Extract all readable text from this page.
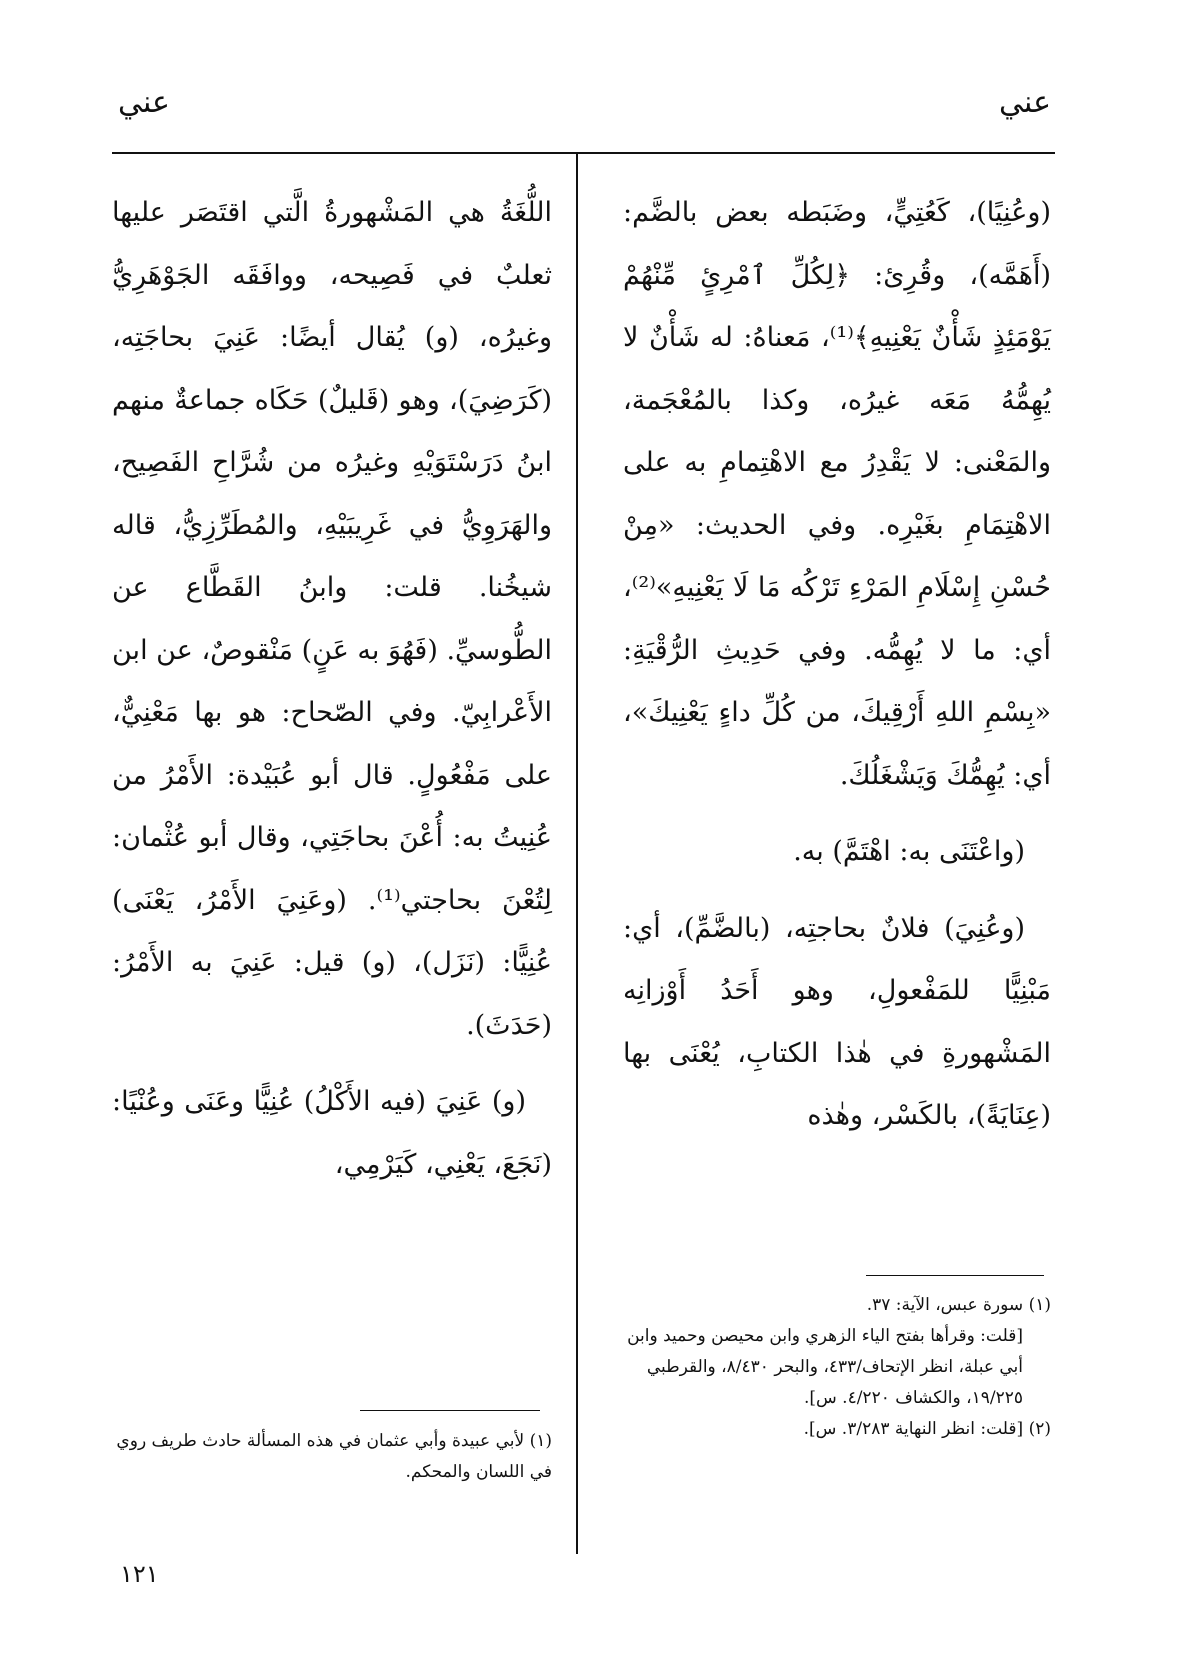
عني
عني

(وعُنِيًا)، كَعُتِيٍّ، وضَبَطه بعض بالضَّم: (أَهَمَّه)، وقُرِئ: ﴿لِكُلِّ ٱمْرِئٍ مِّنْهُمْ يَوْمَئِذٍ شَأْنٌ يَعْنِيهِ﴾⁽¹⁾، مَعناهُ: له شَأْنٌ لا يُهِمُّهُ مَعَه غيرُه، وكذا بالمُعْجَمة، والمَعْنى: لا يَقْدِرُ مع الاهْتِمامِ به على الاهْتِمَامِ بغَيْرِه. وفي الحديث: «مِنْ حُسْنِ إِسْلَامِ المَرْءِ تَرْكُه مَا لَا يَعْنِيهِ»⁽²⁾، أي: ما لا يُهِمُّه. وفي حَدِيثِ الرُّقْيَةِ: «بِسْمِ اللهِ أَرْقِيكَ، من كُلِّ داءٍ يَعْنِيكَ»، أي: يُهِمُّكَ وَيَشْغَلُكَ.

(واعْتَنَى به: اهْتَمَّ) به.

(وعُنِيَ) فلانٌ بحاجتِه، (بالضَّمِّ)، أي: مَبْنِيًّا للمَفْعولِ، وهو أَحَدُ أَوْزانِه المَشْهورةِ في هٰذا الكتابِ، يُعْنَى بها (عِنَايَةً)، بالكَسْر، وهٰذه

اللُّغَةُ هي المَشْهورةُ الَّتي اقتَصَر عليها ثعلبٌ في فَصِيحه، ووافَقَه الجَوْهَرِيُّ وغيرُه، (و) يُقال أيضًا: عَنِيَ بحاجَتِه، (كَرَضِيَ)، وهو (قَليلٌ) حَكَاه جماعةٌ منهم ابنُ دَرَسْتَوَيْهِ وغيرُه من شُرَّاحِ الفَصِيح، والهَرَوِيُّ في غَرِيبَيْهِ، والمُطَرِّزِيُّ، قاله شيخُنا. قلت: وابنُ القَطَّاع عن الطُّوسيِّ. (فَهُوَ به عَنٍ) مَنْقوصٌ، عن ابن الأَعْرابِيّ. وفي الصّحاح: هو بها مَعْنِيٌّ، على مَفْعُولٍ. قال أبو عُبَيْدة: الأَمْرُ من عُنِيتُ به: أُعْنَ بحاجَتِي، وقال أبو عُثْمان: لِتُعْنَ بحاجتي⁽¹⁾. (وعَنِيَ الأَمْرُ، يَعْنَى) عُنِيًّا: (نَزَل)، (و) قيل: عَنِيَ به الأَمْرُ: (حَدَثَ).

(و) عَنِيَ (فيه الأَكْلُ) عُنِيًّا وعَنَى وعُنْيًا: (نَجَعَ، يَعْنِي، كَيَرْمِي،

(١) سورة عبس، الآية: ٣٧.

[قلت: وقرأها بفتح الياء الزهري وابن محيصن وحميد وابن أبي عبلة، انظر الإتحاف/٤٣٣، والبحر ٨/٤٣٠، والقرطبي ١٩/٢٢٥، والكشاف ٤/٢٢٠. س].

(٢) [قلت: انظر النهاية ٣/٢٨٣. س].

(١) لأبي عبيدة وأبي عثمان في هذه المسألة حادث طريف روي في اللسان والمحكم.

١٢١
